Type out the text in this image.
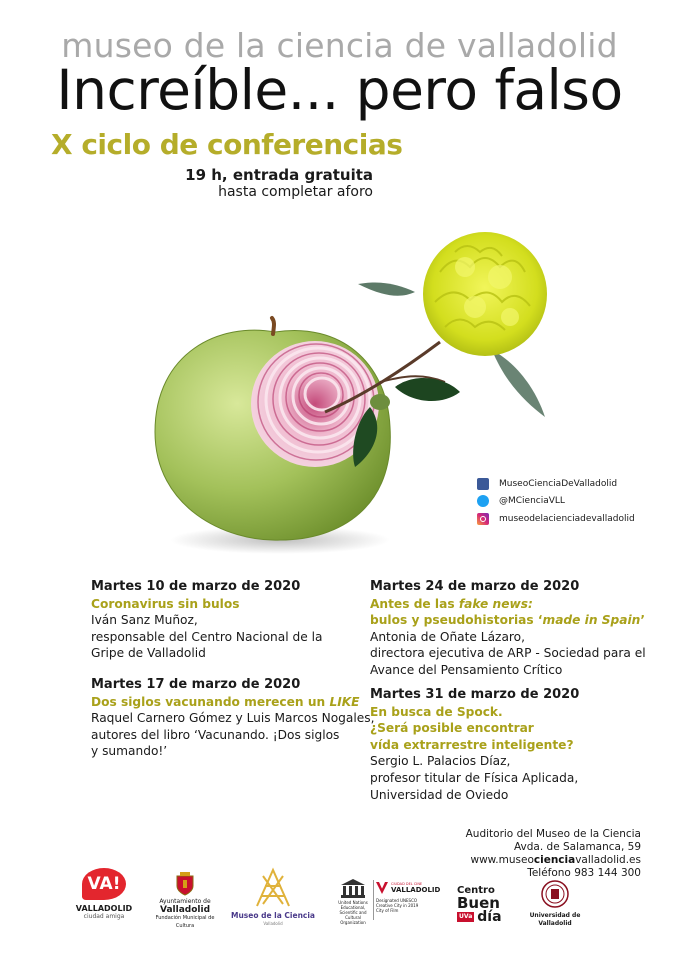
museo de la ciencia de valladolid
Increíble... pero falso
X ciclo de conferencias
19 h, entrada gratuita
hasta completar aforo
MuseoCienciaDeValladolid
@MCienciaVLL
museodelacienciadevalladolid
Martes 10 de marzo de 2020
Coronavirus sin bulos
Iván Sanz Muñoz,
responsable del Centro Nacional de la
Gripe de Valladolid
Martes 17 de marzo de 2020
Dos siglos vacunando merecen un LIKE
Raquel Carnero Gómez y Luis Marcos Nogales,
autores del libro ‘Vacunando. ¡Dos siglos
y sumando!’
Martes 24 de marzo de 2020
Antes de las fake news:
bulos y pseudohistorias ‘made in Spain’
Antonia de Oñate Lázaro,
directora ejecutiva de ARP - Sociedad para el
Avance del Pensamiento Crítico
Martes 31 de marzo de 2020
En busca de Spock.
¿Será posible encontrar
vída extrarrestre inteligente?
Sergio L. Palacios Díaz,
profesor titular de Física Aplicada,
Universidad de Oviedo
Auditorio del Museo de la Ciencia
Avda. de Salamanca, 59
www.museocienciavalladolid.es
Teléfono 983 144 300
VA!
VALLADOLID
ciudad amiga
Ayuntamiento de
Valladolid
Fundación Municipal de Cultura
Museo de la Ciencia
Valladolid
United Nations
Educational, Scientific and
Cultural Organization
CIUDAD DEL CINE
VALLADOLID
Designated UNESCO
Creative City in 2019
City of Film
Centro
Buen
UVa día	Universidad de Valladolid
